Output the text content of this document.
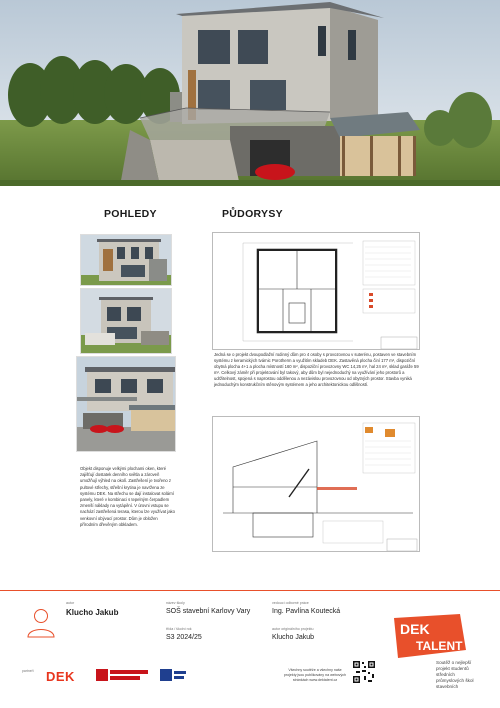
POHLEDY	PŮDORYSY
Objekt disponuje velkými plochami oken, které zajišťují dostatek denního světla a zároveň umožňují výhled na okolí. Zastřešení je tvořeno z pultové střechy, střešní krytina je navržena ze systému DEK. Na střechu se dají instalovat solární panely, které v kombinaci s tepelným čerpadlem zmenší náklady na vytápění. V úrovni vstupu se nachází zastřešená terasa, kterou lze využívat jako venkovní obývací prostor. Dům je obložen přírodním dřevěným obkladem.
Jedná se o projekt dvoupodlažní rodinný dům pro 4 osoby s provozovnou v suterénu, postaven ve stavebním systému z keramických tvárnic Porotherm a využitím skladeb DEK. Zastavěná plocha činí 177 m², dispoziční obytná plocha 4+1 a plocha místností 160 m², dispoziční provozovny WC 14,25 m², hal 24 m², sklad garáže 59 m². Celkový záměr při projektování byl takový, aby dům byl nejednoduchý na využívání jeho prostorů a udržitelnost, spojená s naprostou oddělenou a nezávislou provozovnou od obytných prostor. Stavba vyniká jednoduchým konstrukčním stěnovým systémem a jeho architektonickou odlišností.
autor
Klucho Jakub
název školy
SOŠ stavební Karlovy Vary
vedoucí odborné práce
Ing. Pavlína Koutecká
třída / školní rok
S3 2024/25
autor originálního projektu
Klucho Jakub
partneři DEK	Všechny soutěže a všechny naše projekty jsou publikovány na webových stránkách www.dektalent.cz
DEK
TALENT
Soutěž o nejlepší projekt studentů středních průmyslových škol stavebních
